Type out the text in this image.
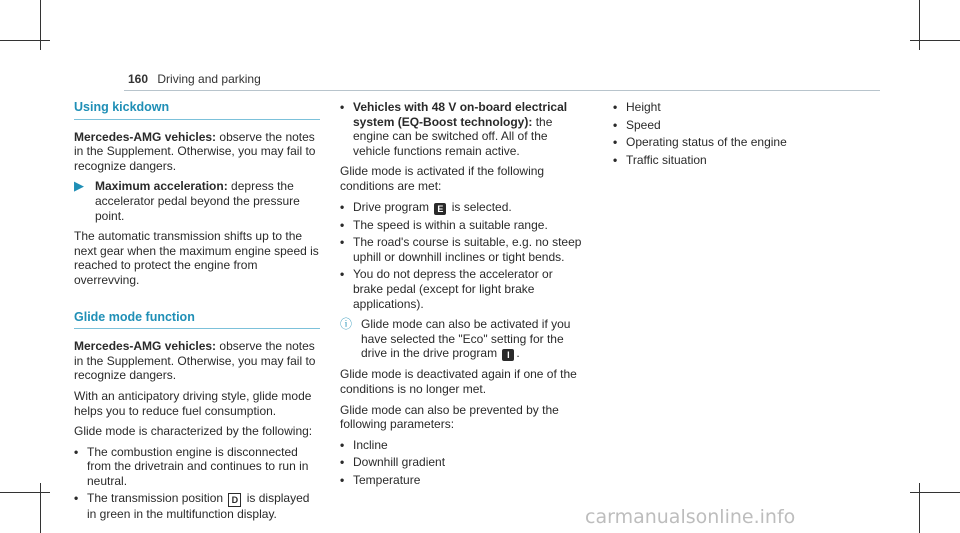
160 Driving and parking
Using kickdown

Mercedes-AMG vehicles: observe the notes in the Supplement. Otherwise, you may fail to recognize dangers.

▶ Maximum acceleration: depress the accelerator pedal beyond the pressure point.

The automatic transmission shifts up to the next gear when the maximum engine speed is reached to protect the engine from overrevving.

Glide mode function

Mercedes-AMG vehicles: observe the notes in the Supplement. Otherwise, you may fail to recognize dangers.

With an anticipatory driving style, glide mode helps you to reduce fuel consumption.

Glide mode is characterized by the following:

• The combustion engine is disconnected from the drivetrain and continues to run in neutral.
• The transmission position D is displayed in green in the multifunction display.
• Vehicles with 48 V on-board electrical system (EQ-Boost technology): the engine can be switched off. All of the vehicle functions remain active.

Glide mode is activated if the following conditions are met:

• Drive program E is selected.
• The speed is within a suitable range.
• The road's course is suitable, e.g. no steep uphill or downhill inclines or tight bends.
• You do not depress the accelerator or brake pedal (except for light brake applications).
ⓘ Glide mode can also be activated if you have selected the "Eco" setting for the drive in the drive program I .

Glide mode is deactivated again if one of the conditions is no longer met.

Glide mode can also be prevented by the following parameters:

• Incline
• Downhill gradient
• Temperature
• Height
• Speed
• Operating status of the engine
• Traffic situation
carmanualsonline.info
